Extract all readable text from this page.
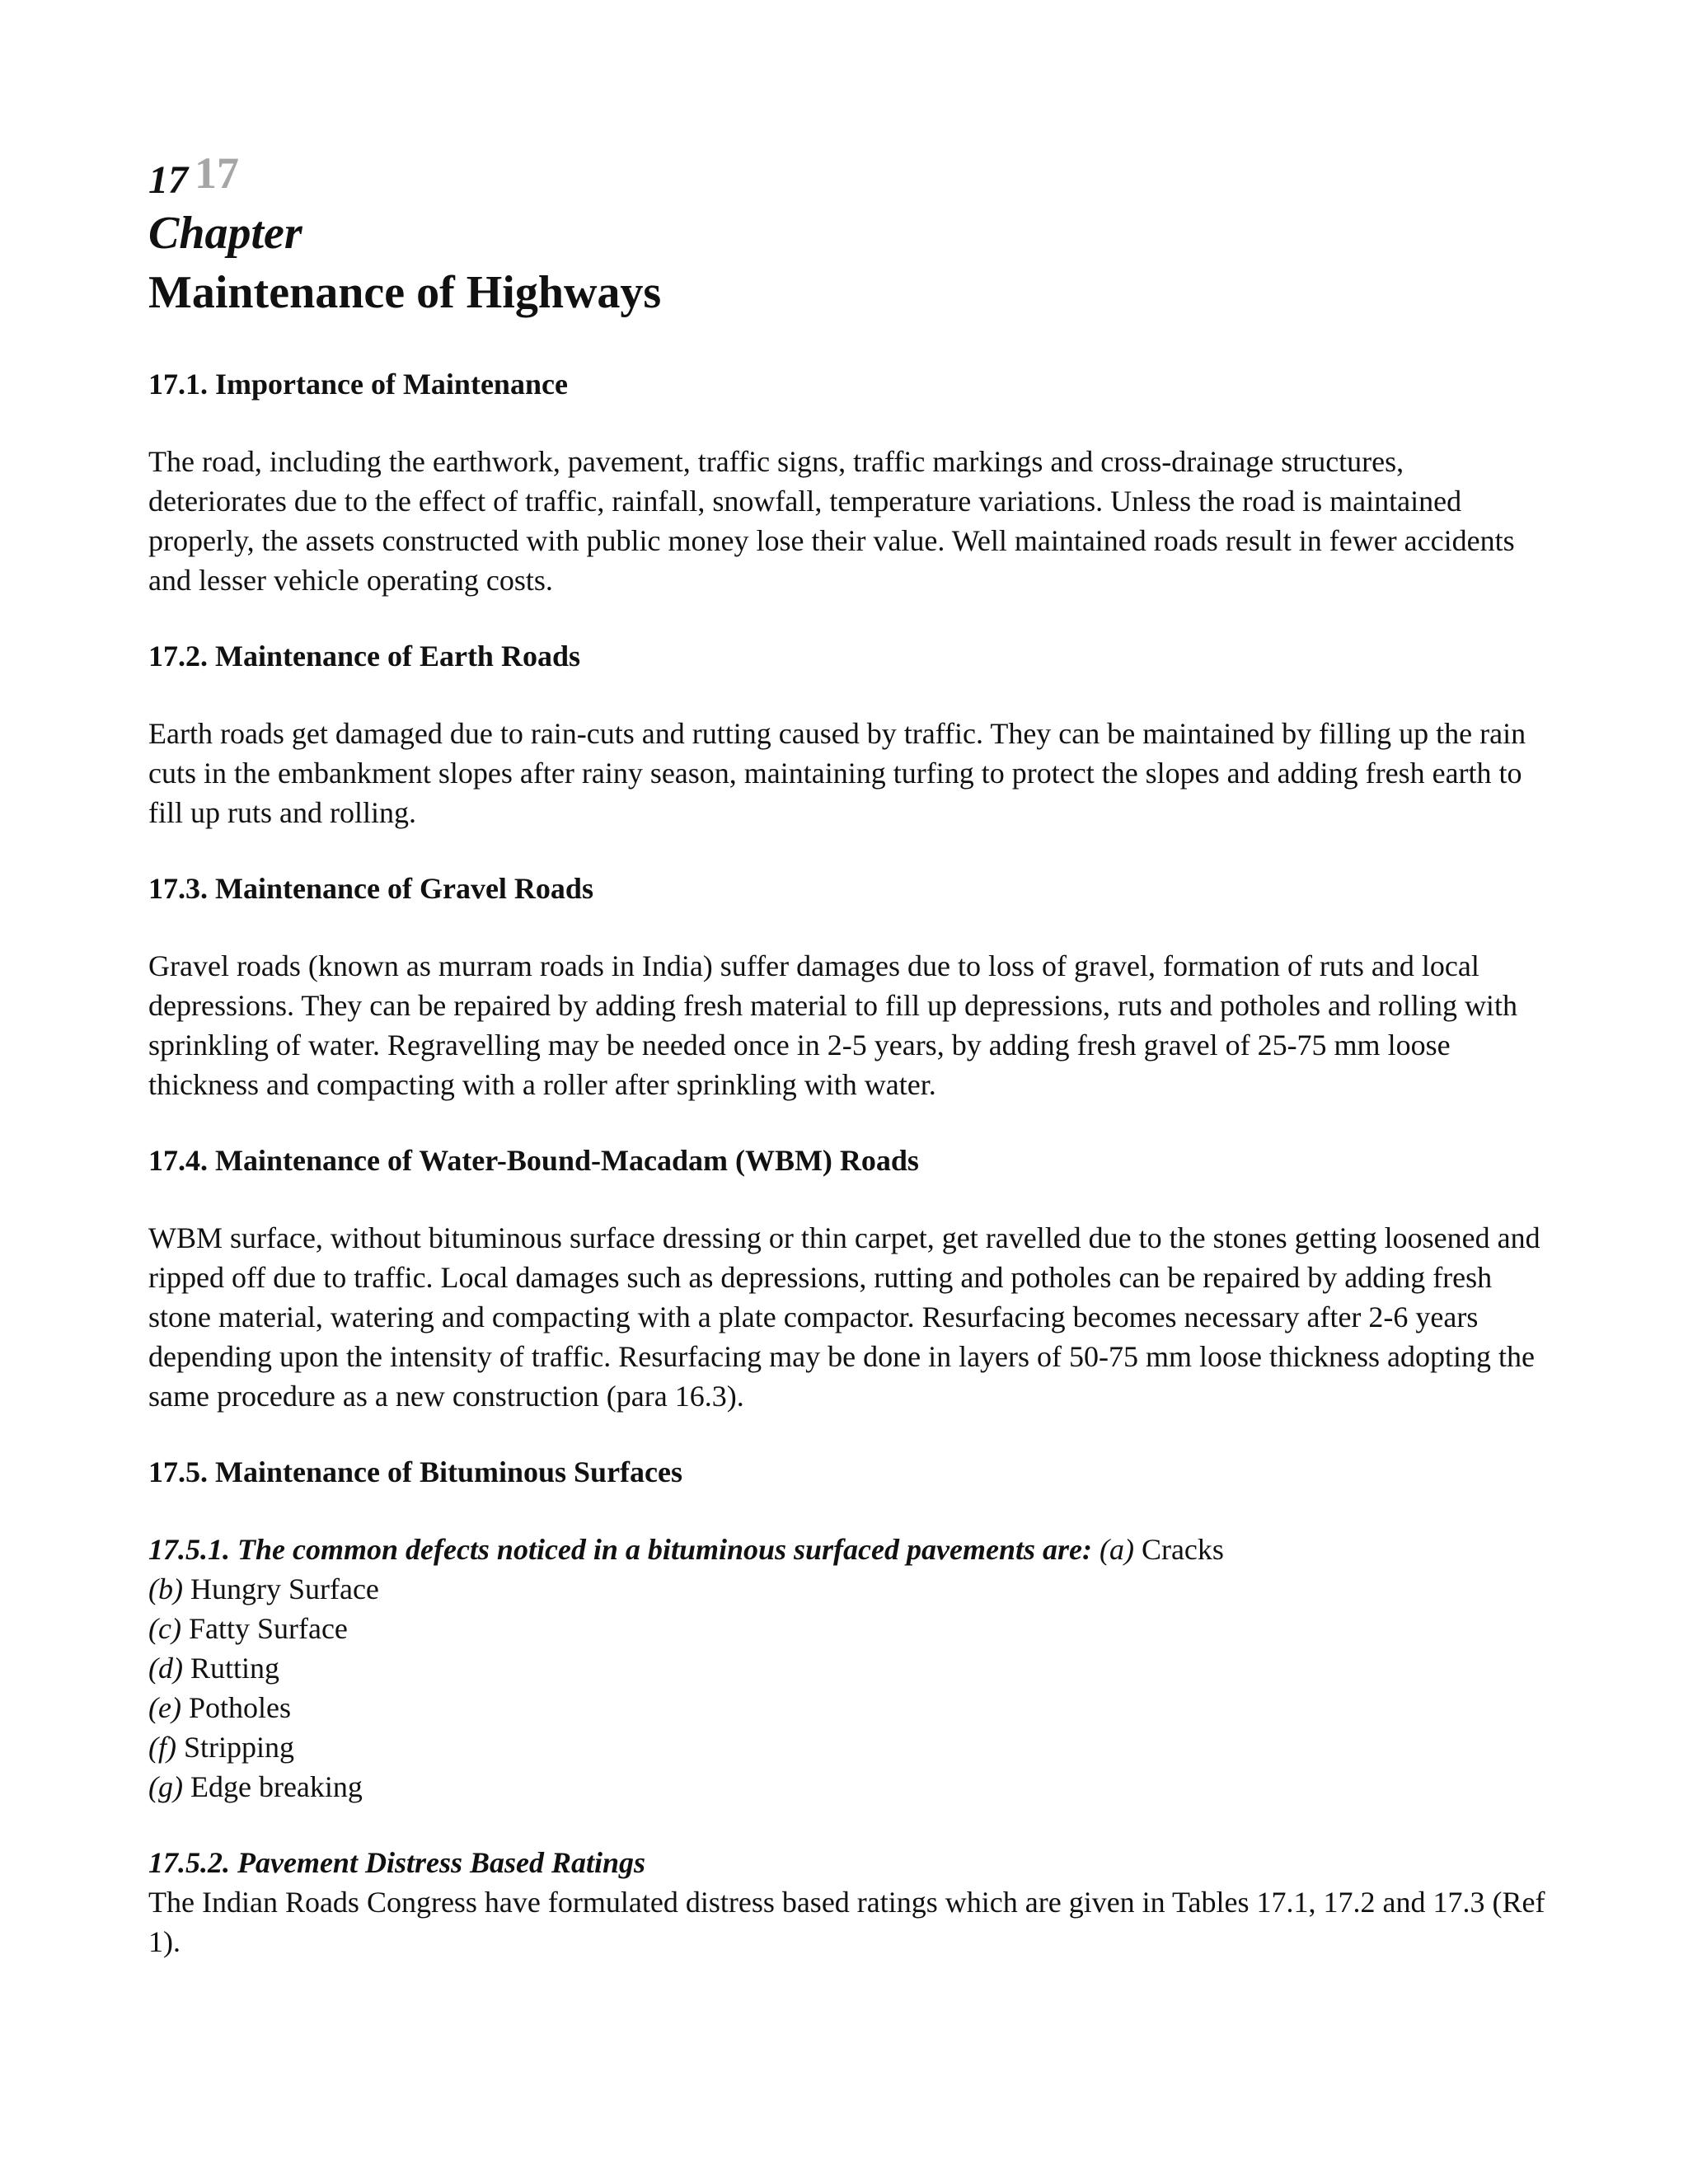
17 17
Chapter
Maintenance of Highways
17.1. Importance of Maintenance

The road, including the earthwork, pavement, traffic signs, traffic markings and cross-drainage structures, deteriorates due to the effect of traffic, rainfall, snowfall, temperature variations. Unless the road is maintained properly, the assets constructed with public money lose their value. Well maintained roads result in fewer accidents and lesser vehicle operating costs.

17.2. Maintenance of Earth Roads

Earth roads get damaged due to rain-cuts and rutting caused by traffic. They can be maintained by filling up the rain cuts in the embankment slopes after rainy season, maintaining turfing to protect the slopes and adding fresh earth to fill up ruts and rolling.

17.3. Maintenance of Gravel Roads

Gravel roads (known as murram roads in India) suffer damages due to loss of gravel, formation of ruts and local depressions. They can be repaired by adding fresh material to fill up depressions, ruts and potholes and rolling with sprinkling of water. Regravelling may be needed once in 2-5 years, by adding fresh gravel of 25-75 mm loose thickness and compacting with a roller after sprinkling with water.

17.4. Maintenance of Water-Bound-Macadam (WBM) Roads

WBM surface, without bituminous surface dressing or thin carpet, get ravelled due to the stones getting loosened and ripped off due to traffic. Local damages such as depressions, rutting and potholes can be repaired by adding fresh stone material, watering and compacting with a plate compactor. Resurfacing becomes necessary after 2-6 years depending upon the intensity of traffic. Resurfacing may be done in layers of 50-75 mm loose thickness adopting the same procedure as a new construction (para 16.3).

17.5. Maintenance of Bituminous Surfaces

17.5.1. The common defects noticed in a bituminous surfaced pavements are: (a) Cracks

(b) Hungry Surface

(c) Fatty Surface

(d) Rutting

(e) Potholes

(f) Stripping

(g) Edge breaking

17.5.2. Pavement Distress Based Ratings

The Indian Roads Congress have formulated distress based ratings which are given in Tables 17.1, 17.2 and 17.3 (Ref 1).
